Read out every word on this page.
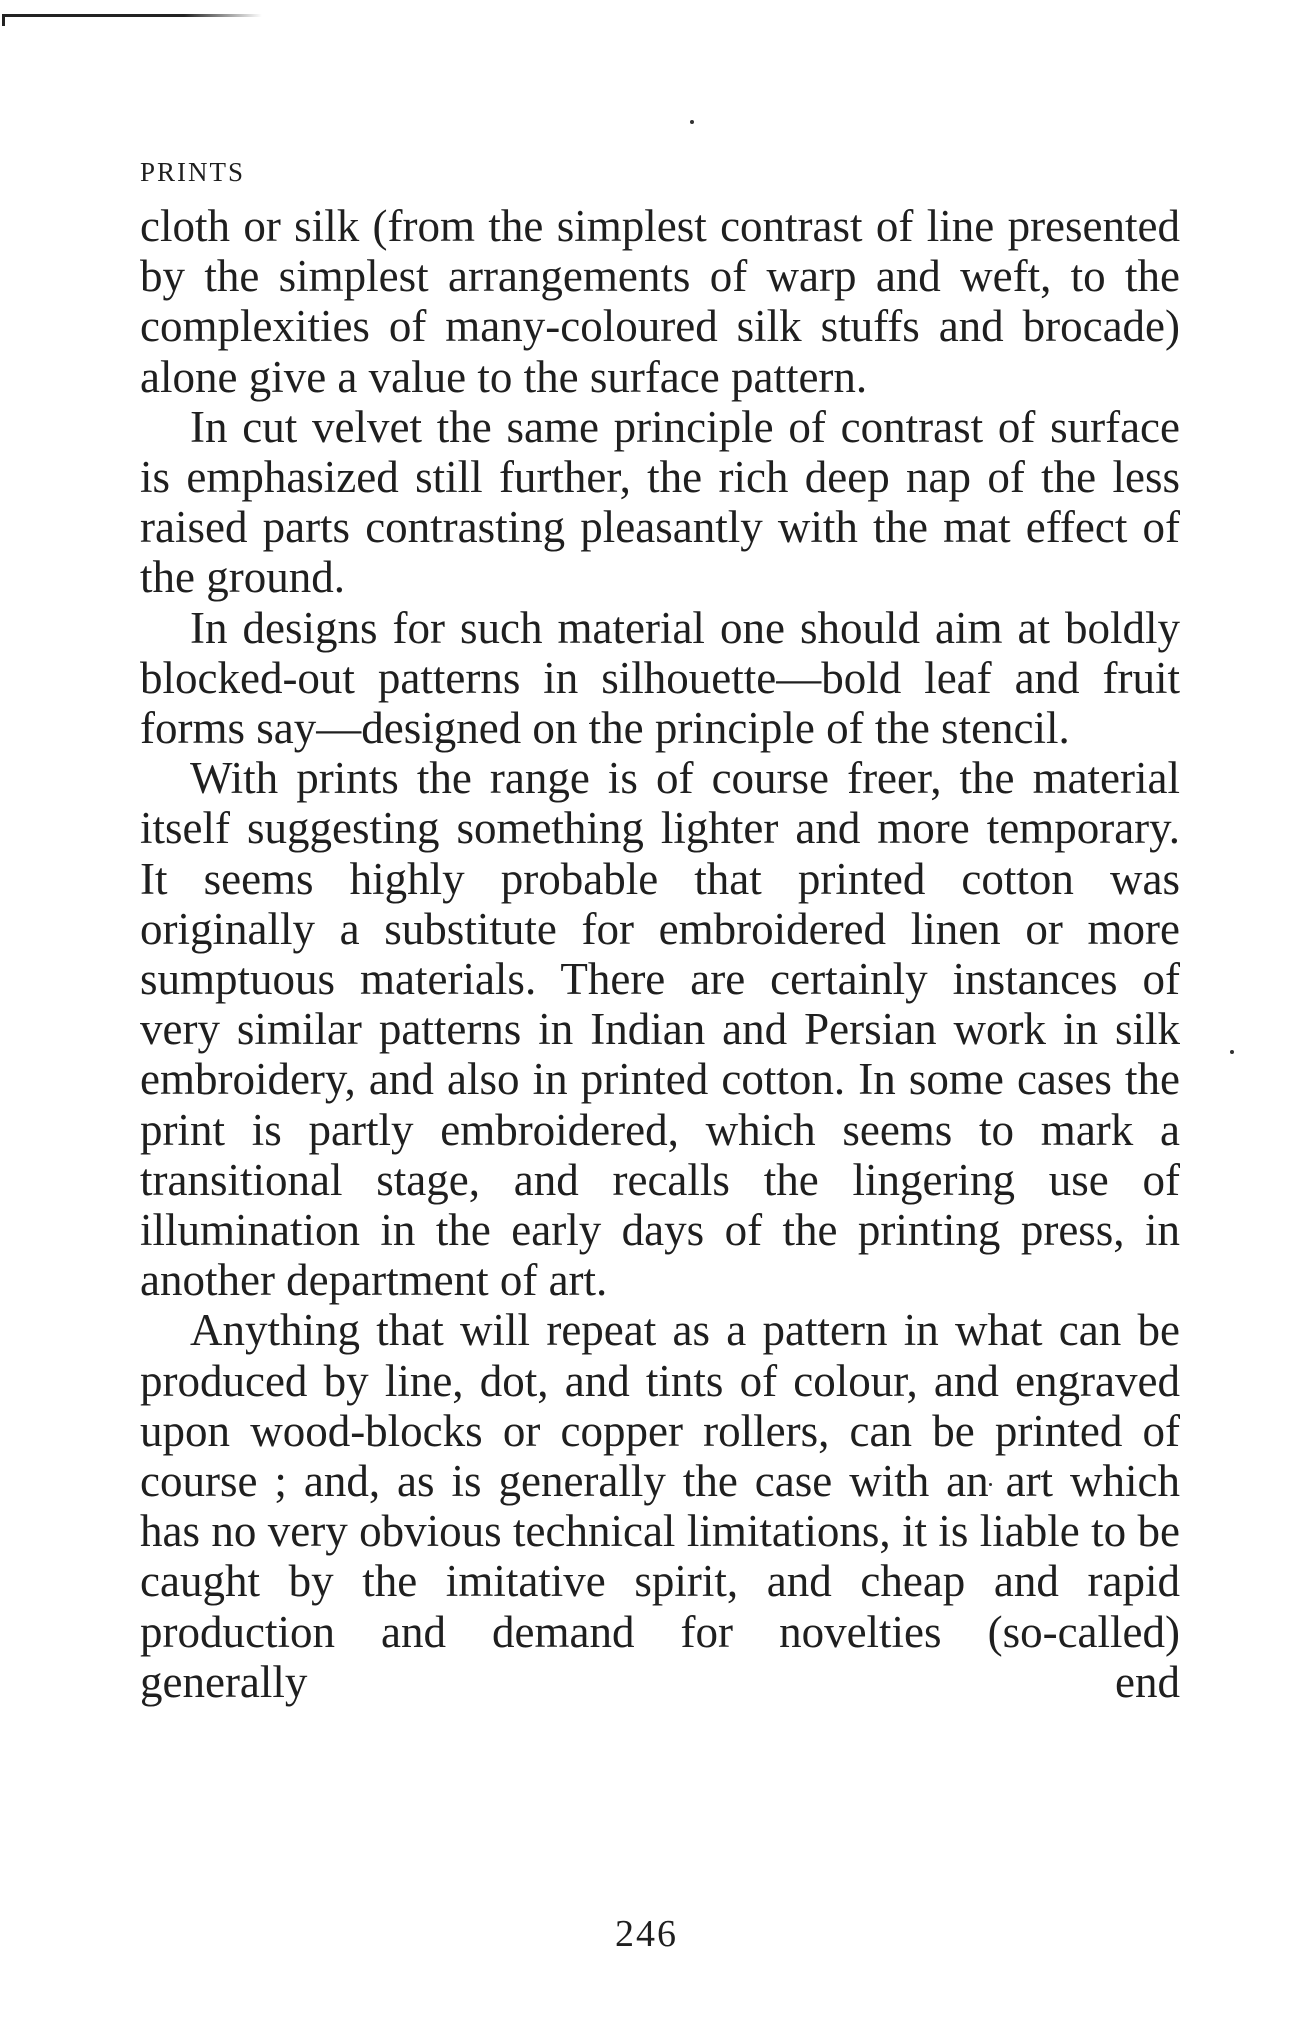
PRINTS

cloth or silk (from the simplest contrast of line presented by the simplest arrangements of warp and weft, to the complexities of many-coloured silk stuffs and brocade) alone give a value to the surface pattern.

In cut velvet the same principle of contrast of surface is emphasized still further, the rich deep nap of the less raised parts contrasting pleasantly with the mat effect of the ground.

In designs for such material one should aim at boldly blocked-out patterns in silhouette—bold leaf and fruit forms say—designed on the principle of the stencil.

With prints the range is of course freer, the material itself suggesting something lighter and more temporary. It seems highly probable that printed cotton was originally a substitute for embroidered linen or more sumptuous materials. There are certainly instances of very similar patterns in Indian and Persian work in silk embroidery, and also in printed cotton. In some cases the print is partly embroidered, which seems to mark a transitional stage, and recalls the lingering use of illumination in the early days of the printing press, in another department of art.

Anything that will repeat as a pattern in what can be produced by line, dot, and tints of colour, and engraved upon wood-blocks or copper rollers, can be printed of course ; and, as is generally the case with an art which has no very obvious technical limitations, it is liable to be caught by the imitative spirit, and cheap and rapid production and demand for novelties (so-called) generally end

246
